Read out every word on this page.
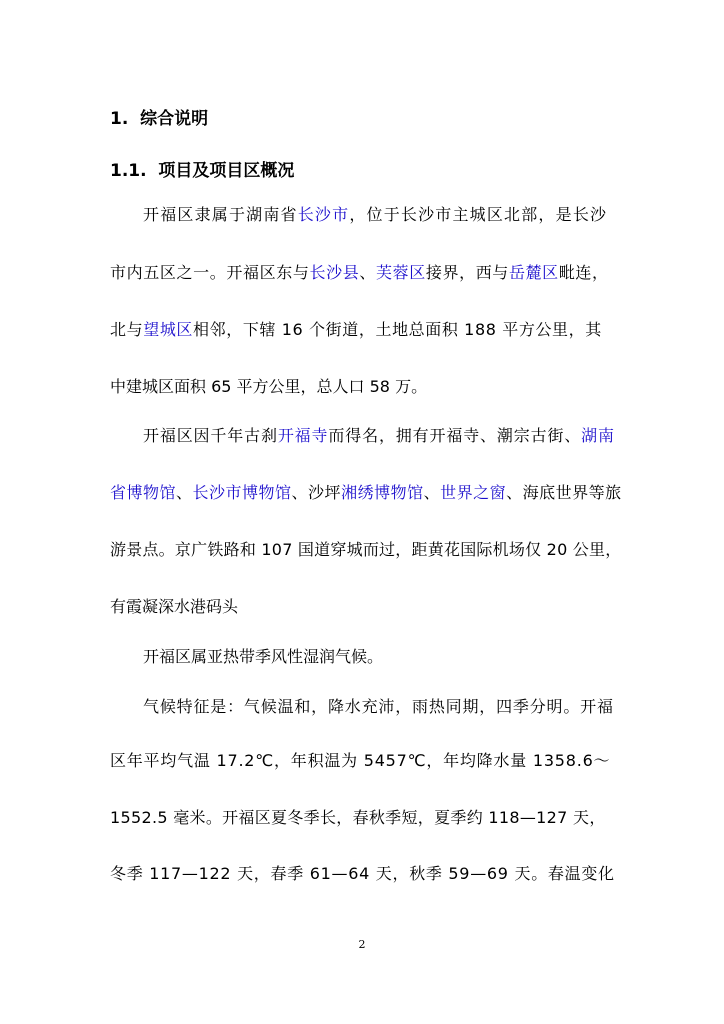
1. 综合说明
1.1. 项目及项目区概况
开福区隶属于湖南省长沙市，位于长沙市主城区北部，是长沙
市内五区之一。开福区东与长沙县、芙蓉区接界，西与岳麓区毗连，
北与望城区相邻，下辖 16 个街道，土地总面积 188 平方公里，其
中建城区面积 65 平方公里，总人口 58 万。
开福区因千年古刹开福寺而得名，拥有开福寺、潮宗古街、湖南
省博物馆、长沙市博物馆、沙坪湘绣博物馆、世界之窗、海底世界等旅
游景点。京广铁路和 107 国道穿城而过，距黄花国际机场仅 20 公里，
有霞凝深水港码头
开福区属亚热带季风性湿润气候。
气候特征是：气候温和，降水充沛，雨热同期，四季分明。开福
区年平均气温 17.2℃，年积温为 5457℃，年均降水量 1358.6～
1552.5 毫米。开福区夏冬季长，春秋季短，夏季约 118—127 天，
冬季 117—122 天，春季 61—64 天，秋季 59—69 天。春温变化
2
